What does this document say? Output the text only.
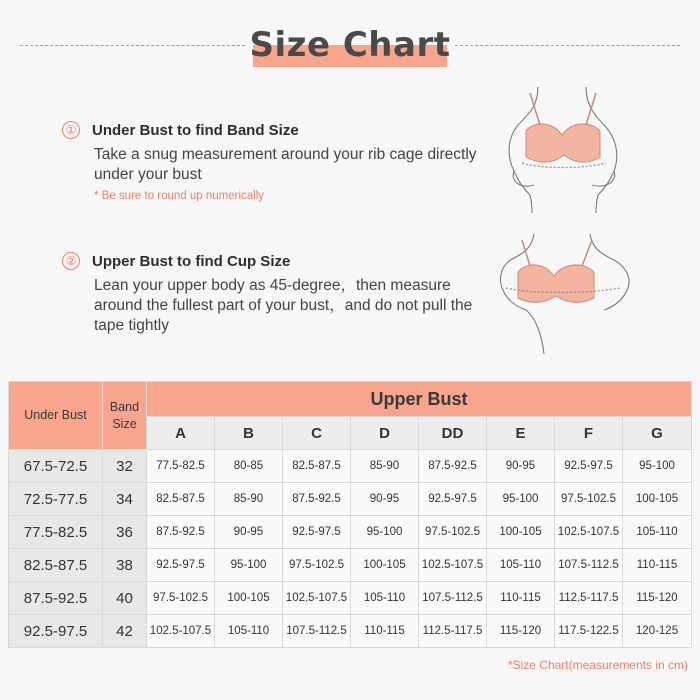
Size Chart
① Under Bust to find Band Size
Take a snug measurement around your rib cage directly under your bust
* Be sure to round up numerically
② Upper Bust to find Cup Size
Lean your upper body as 45-degree，then measure around the fullest part of your bust，and do not pull the tape tightly
Under Bust	Band Size	Upper Bust							
		A	B	C	D	DD	E	F	G
67.5-72.5	32	77.5-82.5	80-85	82.5-87.5	85-90	87.5-92.5	90-95	92.5-97.5	95-100
72.5-77.5	34	82.5-87.5	85-90	87.5-92.5	90-95	92.5-97.5	95-100	97.5-102.5	100-105
77.5-82.5	36	87.5-92.5	90-95	92.5-97.5	95-100	97.5-102.5	100-105	102.5-107.5	105-110
82.5-87.5	38	92.5-97.5	95-100	97.5-102.5	100-105	102.5-107.5	105-110	107.5-112.5	110-115
87.5-92.5	40	97.5-102.5	100-105	102.5-107.5	105-110	107.5-112.5	110-115	112.5-117.5	115-120
92.5-97.5	42	102.5-107.5	105-110	107.5-112.5	110-115	112.5-117.5	115-120	117.5-122.5	120-125
*Size Chart(measurements in cm)
